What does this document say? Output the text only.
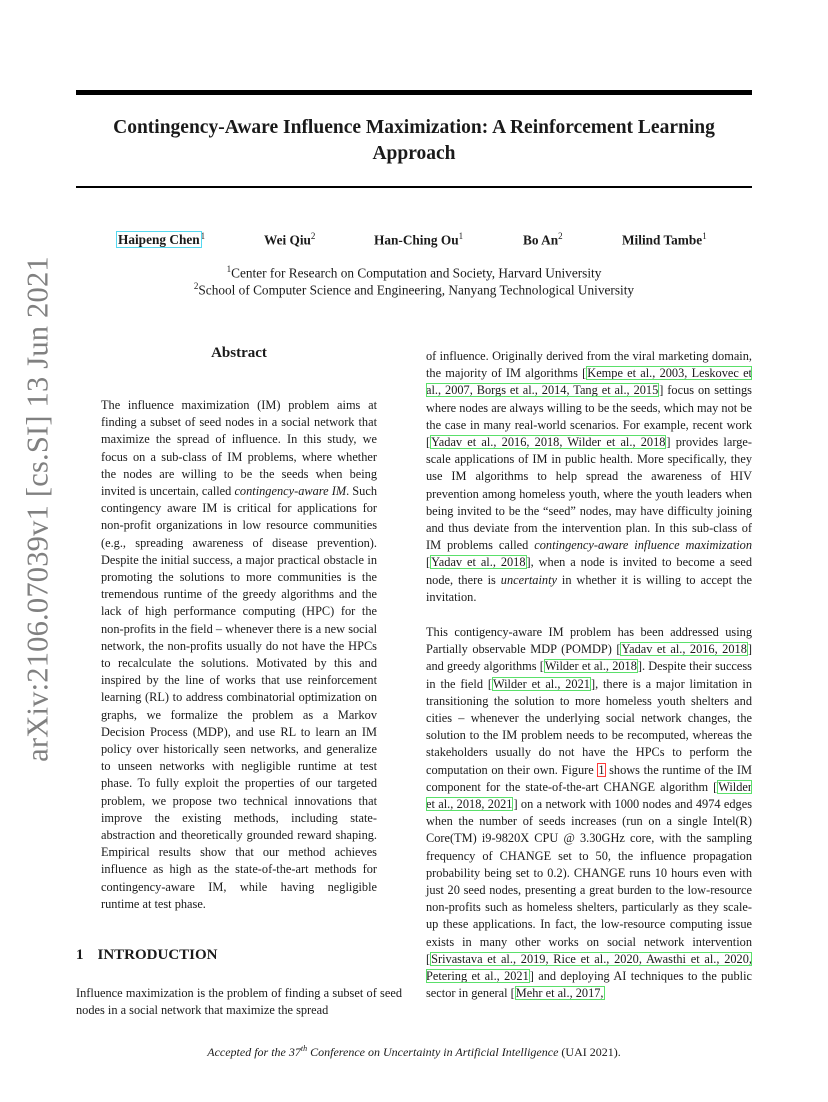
arXiv:2106.07039v1 [cs.SI] 13 Jun 2021
Contingency-Aware Influence Maximization: A Reinforcement Learning
Approach
Haipeng Chen$^1$	Wei Qiu$^2$	Han-Ching Ou$^1$	Bo An$^2$	Milind Tambe$^1$
$^1$Center for Research on Computation and Society, Harvard University
$^2$School of Computer Science and Engineering, Nanyang Technological University
Abstract
The influence maximization (IM) problem aims at finding a subset of seed nodes in a social network that maximize the spread of influence. In this study, we focus on a sub-class of IM problems, where whether the nodes are willing to be the seeds when being invited is uncertain, called contingency-aware IM. Such contingency aware IM is critical for applications for non-profit organizations in low resource communities (e.g., spreading awareness of disease prevention). Despite the initial success, a major practical obstacle in promoting the solutions to more communities is the tremendous runtime of the greedy algorithms and the lack of high performance computing (HPC) for the non-profits in the field – whenever there is a new social network, the non-profits usually do not have the HPCs to recalculate the solutions. Motivated by this and inspired by the line of works that use reinforcement learning (RL) to address combinatorial optimization on graphs, we formalize the problem as a Markov Decision Process (MDP), and use RL to learn an IM policy over historically seen networks, and generalize to unseen networks with negligible runtime at test phase. To fully exploit the properties of our targeted problem, we propose two technical innovations that improve the existing methods, including state-abstraction and theoretically grounded reward shaping. Empirical results show that our method achieves influence as high as the state-of-the-art methods for contingency-aware IM, while having negligible runtime at test phase.
1 INTRODUCTION
Influence maximization is the problem of finding a subset of seed nodes in a social network that maximize the spread
of influence. Originally derived from the viral marketing domain, the majority of IM algorithms [Kempe et al., 2003, Leskovec et al., 2007, Borgs et al., 2014, Tang et al., 2015] focus on settings where nodes are always willing to be the seeds, which may not be the case in many real-world scenarios. For example, recent work [Yadav et al., 2016, 2018, Wilder et al., 2018] provides large-scale applications of IM in public health. More specifically, they use IM algorithms to help spread the awareness of HIV prevention among homeless youth, where the youth leaders when being invited to be the “seed” nodes, may have difficulty joining and thus deviate from the intervention plan. In this sub-class of IM problems called contingency-aware influence maximization [Yadav et al., 2018], when a node is invited to become a seed node, there is uncertainty in whether it is willing to accept the invitation.
This contigency-aware IM problem has been addressed using Partially observable MDP (POMDP) [Yadav et al., 2016, 2018] and greedy algorithms [Wilder et al., 2018]. Despite their success in the field [Wilder et al., 2021], there is a major limitation in transitioning the solution to more homeless youth shelters and cities – whenever the underlying social network changes, the solution to the IM problem needs to be recomputed, whereas the stakeholders usually do not have the HPCs to perform the computation on their own. Figure 1 shows the runtime of the IM component for the state-of-the-art CHANGE algorithm [Wilder et al., 2018, 2021] on a network with 1000 nodes and 4974 edges when the number of seeds increases (run on a single Intel(R) Core(TM) i9-9820X CPU @ 3.30GHz core, with the sampling frequency of CHANGE set to 50, the influence propagation probability being set to 0.2). CHANGE runs 10 hours even with just 20 seed nodes, presenting a great burden to the low-resource non-profits such as homeless shelters, particularly as they scale-up these applications. In fact, the low-resource computing issue exists in many other works on social network intervention [Srivastava et al., 2019, Rice et al., 2020, Awasthi et al., 2020, Petering et al., 2021] and deploying AI techniques to the public sector in general [Mehr et al., 2017,
Accepted for the 37th Conference on Uncertainty in Artificial Intelligence (UAI 2021).
